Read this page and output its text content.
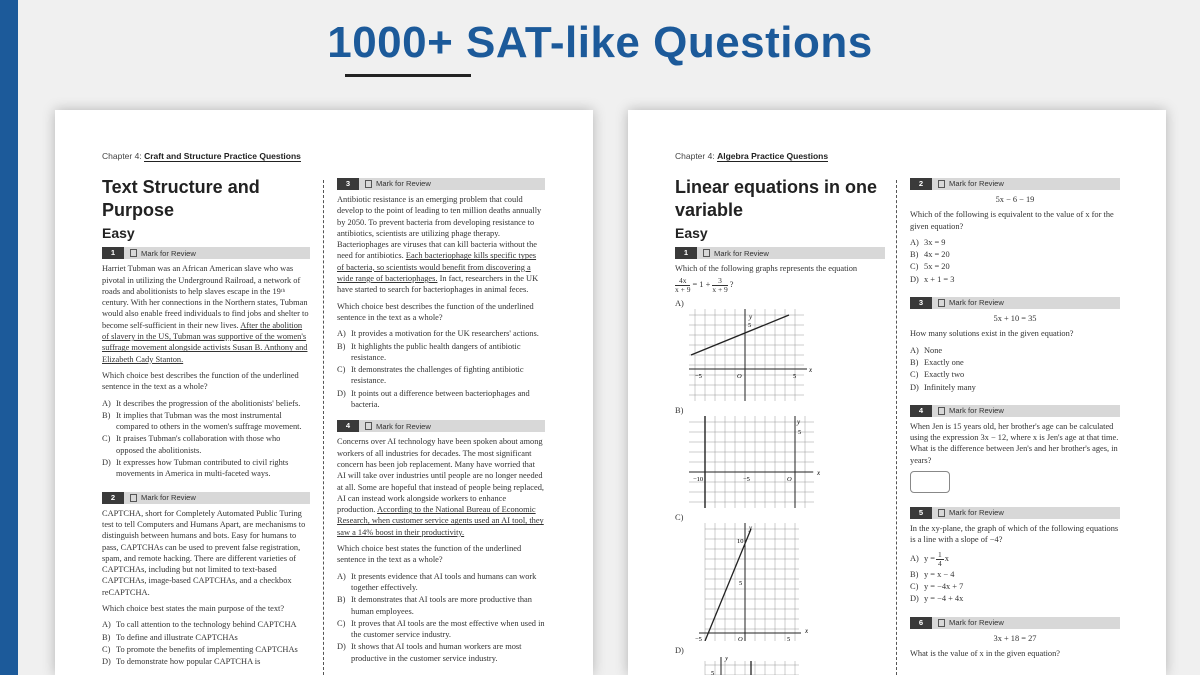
1000+ SAT-like Questions
Chapter 4: Craft and Structure Practice Questions
Text Structure and Purpose
Easy
1	Mark for Review

Harriet Tubman was an African American slave who was pivotal in utilizing the Underground Railroad, a network of roads and abolitionists to help slaves escape in the 19ᵗʰ century. With her connections in the Northern states, Tubman would also enable freed individuals to find jobs and shelter to become self-sufficient in their new lives. After the abolition of slavery in the US, Tubman was supportive of the women's suffrage movement alongside activists Susan B. Anthony and Elizabeth Cady Stanton.

Which choice best describes the function of the underlined sentence in the text as a whole?

A) It describes the progression of the abolitionists' beliefs.
B) It implies that Tubman was the most instrumental compared to others in the women's suffrage movement.
C) It praises Tubman's collaboration with those who opposed the abolitionists.
D) It expresses how Tubman contributed to civil rights movements in America in multi-faceted ways.
2	Mark for Review

CAPTCHA, short for Completely Automated Public Turing test to tell Computers and Humans Apart, are mechanisms to distinguish between humans and bots. Easy for humans to pass, CAPTCHAs can be used to prevent false registration, spam, and remote hacking. There are different varieties of CAPTCHAs, including but not limited to text-based CAPTCHAs, image-based CAPTCHAs, and a checkbox reCAPTCHA.

Which choice best states the main purpose of the text?

A) To call attention to the technology behind CAPTCHA
B) To define and illustrate CAPTCHAs
C) To promote the benefits of implementing CAPTCHAs
D) To demonstrate how popular CAPTCHA is
3	Mark for Review

Antibiotic resistance is an emerging problem that could develop to the point of leading to ten million deaths annually by 2050. To prevent bacteria from developing resistance to antibiotics, scientists are utilizing phage therapy. Bacteriophages are viruses that can kill bacteria without the need for antibiotics. Each bacteriophage kills specific types of bacteria, so scientists would benefit from discovering a wide range of bacteriophages. In fact, researchers in the UK have started to search for bacteriophages in animal feces.

Which choice best describes the function of the underlined sentence in the text as a whole?

A) It provides a motivation for the UK researchers' actions.
B) It highlights the public health dangers of antibiotic resistance.
C) It demonstrates the challenges of fighting antibiotic resistance.
D) It points out a difference between bacteriophages and bacteria.
4	Mark for Review

Concerns over AI technology have been spoken about among workers of all industries for decades. The most significant concern has been job replacement. Many have worried that AI will take over industries until people are no longer needed at all. Some are hopeful that instead of people being replaced, AI can instead work alongside workers to enhance production. According to the National Bureau of Economic Research, when customer service agents used an AI tool, they saw a 14% boost in their productivity.

Which choice best states the function of the underlined sentence in the text as a whole?

A) It presents evidence that AI tools and humans can work together effectively.
B) It demonstrates that AI tools are more productive than human employees.
C) It proves that AI tools are the most effective when used in the customer service industry.
D) It shows that AI tools and human workers are most productive in the customer service industry.
Chapter 4: Algebra Practice Questions
Linear equations in one
variable
Easy
1	Mark for Review

Which of the following graphs represents the equation

$\frac{4x}{x + 9} = 1 + \frac{3}{x + 9}$ ?
A)
y
x
5
−5	O	5
B)
y
x
5
−10	−5	O
C)
y
x
10
5
−5	O	5
D)
y
5
2	Mark for Review
5x − 6 − 19

Which of the following is equivalent to the value of x for the given equation?

A) 3x = 9
B) 4x = 20
C) 5x = 20
D) x + 1 = 3
3	Mark for Review
5x + 10 = 35

How many solutions exist in the given equation?

A) None
B) Exactly one
C) Exactly two
D) Infinitely many
4	Mark for Review

When Jen is 15 years old, her brother's age can be calculated using the expression 3x − 12, where x is Jen's age at that time. What is the difference between Jen's and her brother's ages, in years?

5	Mark for Review

In the xy-plane, the graph of which of the following equations is a line with a slope of −4?

A) $y = \frac{1}{4}$ x
B) y = x − 4
C) y = −4x + 7
D) y = −4 + 4x
6	Mark for Review
3x + 18 = 27

What is the value of x in the given equation?
